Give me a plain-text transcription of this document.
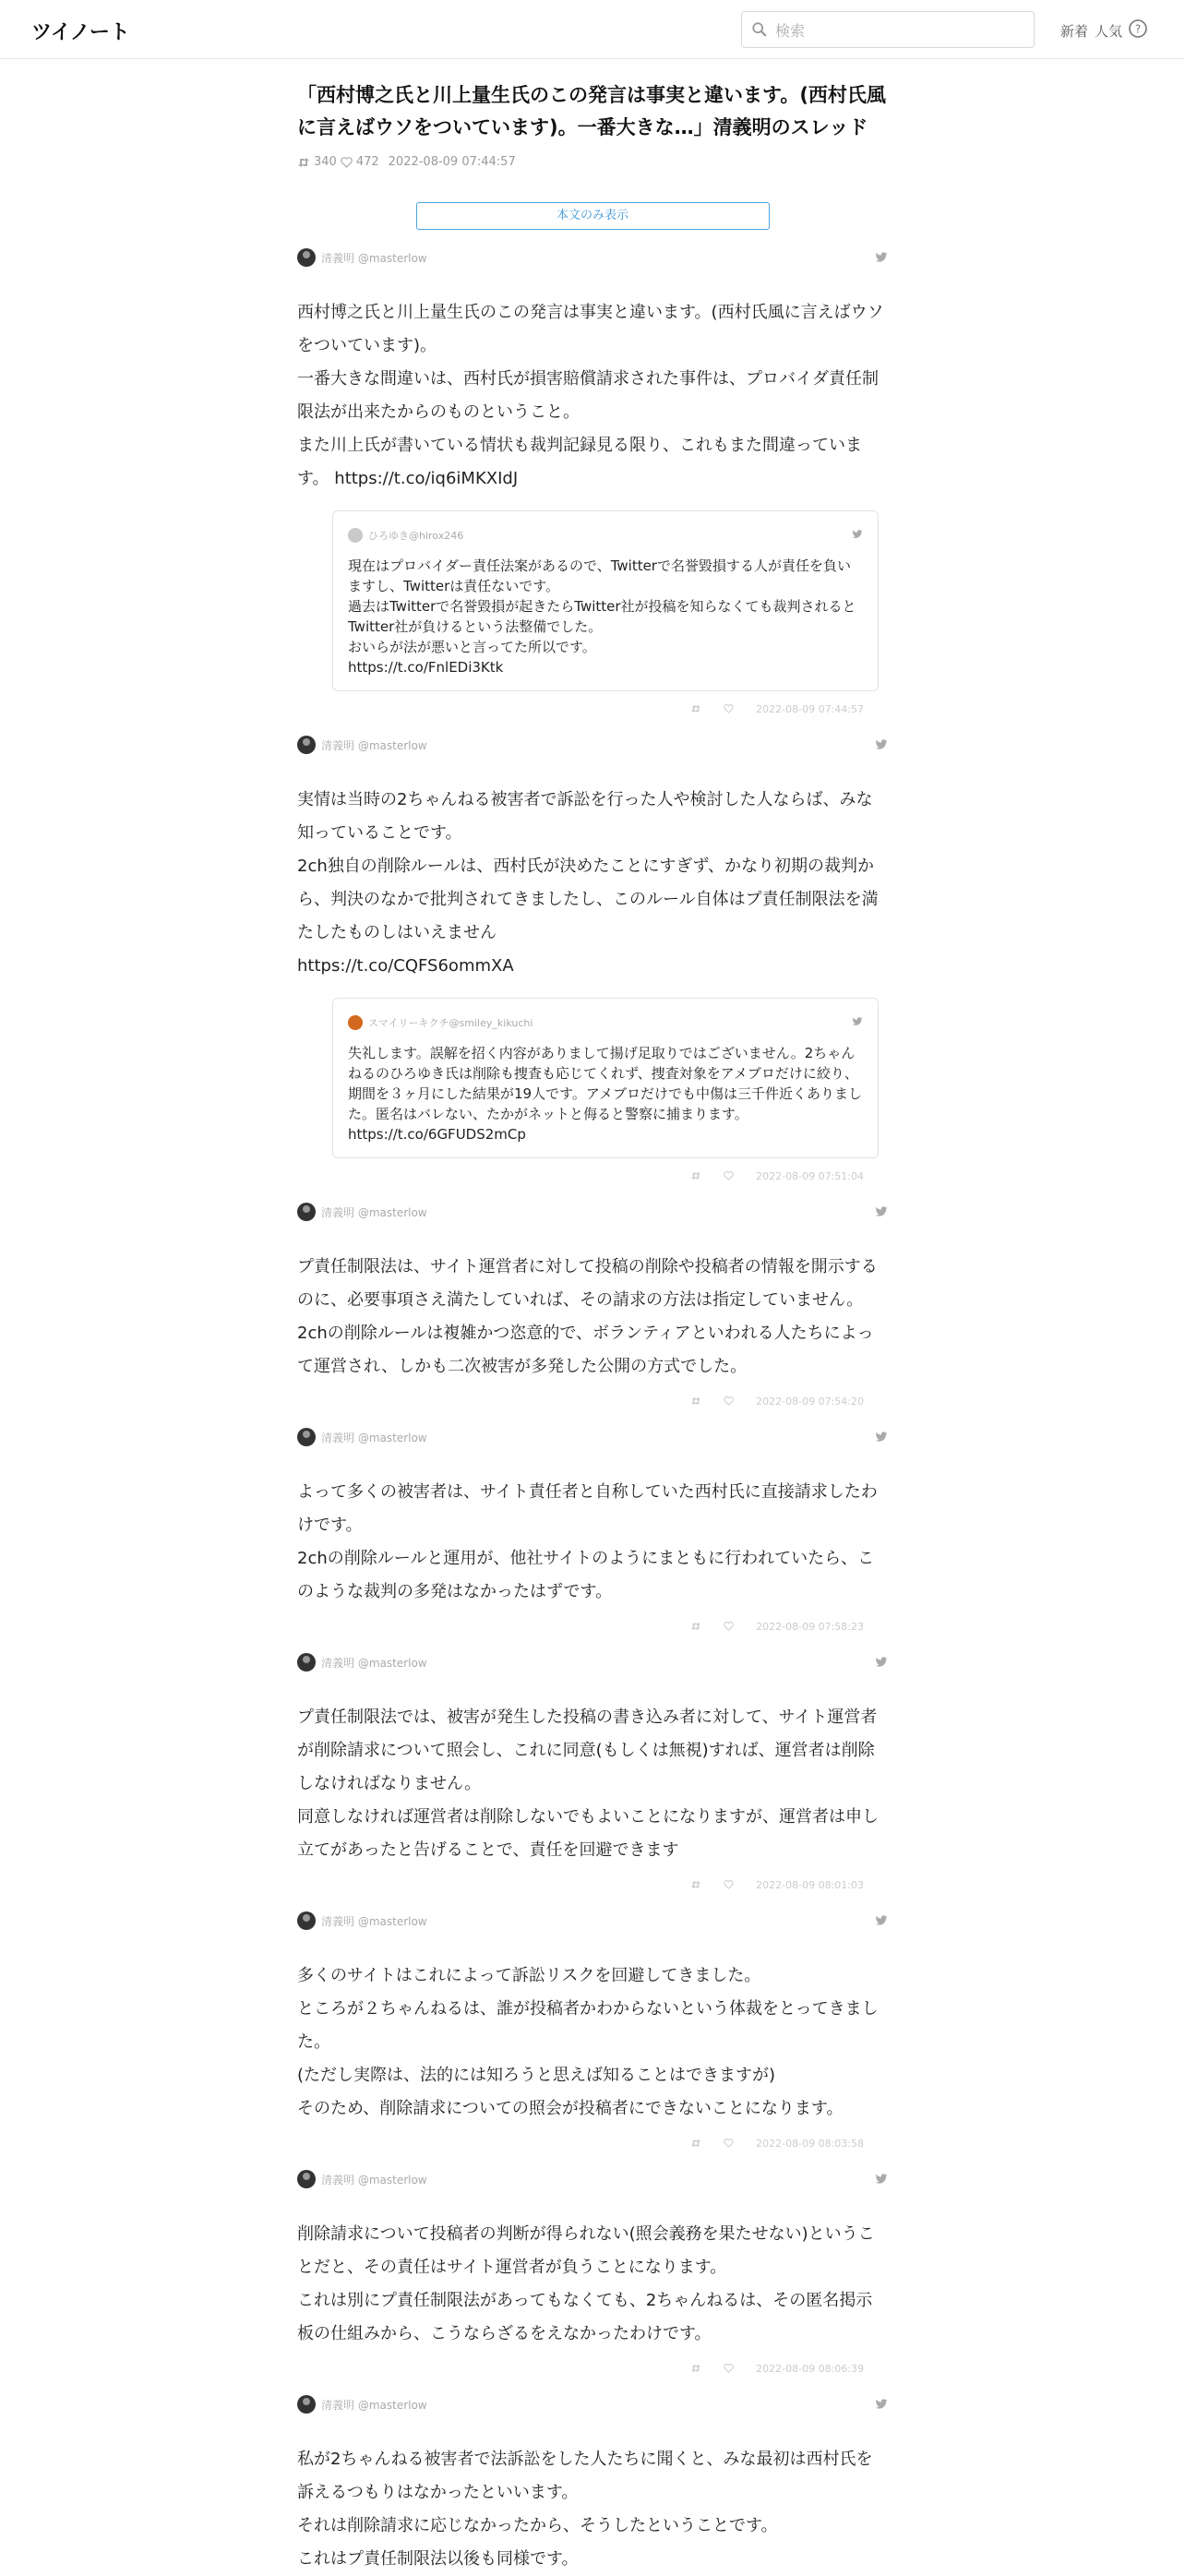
ツイノート
検索	新着 人気 ?
「西村博之氏と川上量生氏のこの発言は事実と違います。(西村氏風に言えばウソをついています)。一番大きな…」清義明のスレッド
340 472 2022-08-09 07:44:57
本文のみ表示
清義明 @masterlow

西村博之氏と川上量生氏のこの発言は事実と違います。(西村氏風に言えばウソをついています)。

一番大きな間違いは、西村氏が損害賠償請求された事件は、プロバイダ責任制限法が出来たからのものということ。

また川上氏が書いている情状も裁判記録見る限り、これもまた間違っています。 https://t.co/iq6iMKXIdJ

ひろゆき@hirox246

現在はプロバイダー責任法案があるので、Twitterで名誉毀損する人が責任を負いますし、Twitterは責任ないです。

過去はTwitterで名誉毀損が起きたらTwitter社が投稿を知らなくても裁判されるとTwitter社が負けるという法整備でした。

おいらが法が悪いと言ってた所以です。

https://t.co/FnlEDi3Ktk

2022-08-09 07:44:57
清義明 @masterlow

実情は当時の2ちゃんねる被害者で訴訟を行った人や検討した人ならば、みな知っていることです。

2ch独自の削除ルールは、西村氏が決めたことにすぎず、かなり初期の裁判から、判決のなかで批判されてきましたし、このルール自体はプ責任制限法を満たしたものしはいえません

https://t.co/CQFS6ommXA

スマイリーキクチ@smiley_kikuchi

失礼します。誤解を招く内容がありまして揚げ足取りではございません。2ちゃんねるのひろゆき氏は削除も捜査も応じてくれず、捜査対象をアメブロだけに絞り、期間を３ヶ月にした結果が19人です。アメブロだけでも中傷は三千件近くありました。匿名はバレない、たかがネットと侮ると警察に捕まります。 https://t.co/6GFUDS2mCp

2022-08-09 07:51:04
清義明 @masterlow

プ責任制限法は、サイト運営者に対して投稿の削除や投稿者の情報を開示するのに、必要事項さえ満たしていれば、その請求の方法は指定していません。

2chの削除ルールは複雑かつ恣意的で、ボランティアといわれる人たちによって運営され、しかも二次被害が多発した公開の方式でした。

2022-08-09 07:54:20
清義明 @masterlow

よって多くの被害者は、サイト責任者と自称していた西村氏に直接請求したわけです。

2chの削除ルールと運用が、他社サイトのようにまともに行われていたら、このような裁判の多発はなかったはずです。

2022-08-09 07:58:23
清義明 @masterlow

プ責任制限法では、被害が発生した投稿の書き込み者に対して、サイト運営者が削除請求について照会し、これに同意(もしくは無視)すれば、運営者は削除しなければなりません。

同意しなければ運営者は削除しないでもよいことになりますが、運営者は申し立てがあったと告げることで、責任を回避できます

2022-08-09 08:01:03
清義明 @masterlow

多くのサイトはこれによって訴訟リスクを回避してきました。

ところが２ちゃんねるは、誰が投稿者かわからないという体裁をとってきました。

(ただし実際は、法的には知ろうと思えば知ることはできますが)

そのため、削除請求についての照会が投稿者にできないことになります。

2022-08-09 08:03:58
清義明 @masterlow

削除請求について投稿者の判断が得られない(照会義務を果たせない)ということだと、その責任はサイト運営者が負うことになります。

これは別にプ責任制限法があってもなくても、2ちゃんねるは、その匿名掲示板の仕組みから、こうならざるをえなかったわけです。

2022-08-09 08:06:39
清義明 @masterlow

私が2ちゃんねる被害者で法訴訟をした人たちに聞くと、みな最初は西村氏を訴えるつもりはなかったといいます。

それは削除請求に応じなかったから、そうしたということです。

これはプ責任制限法以後も同様です。
